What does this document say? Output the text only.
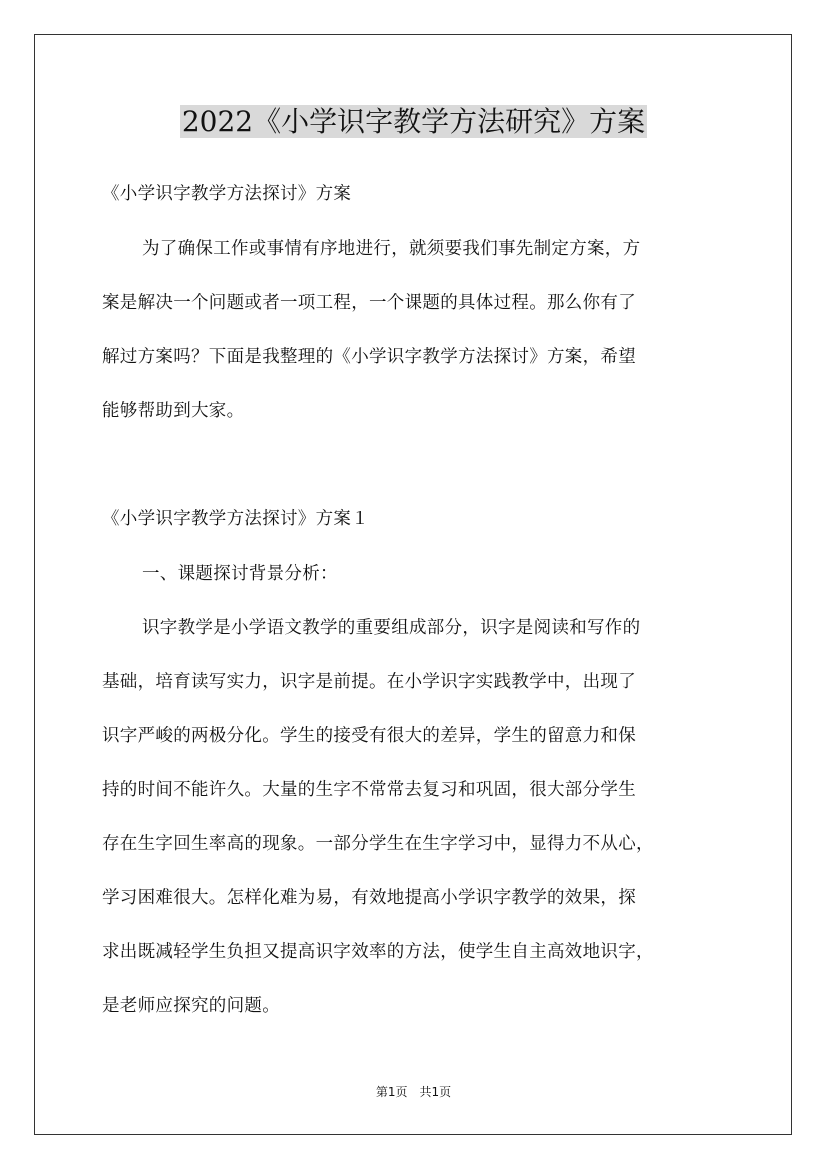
2022《小学识字教学方法研究》方案
《小学识字教学方法探讨》方案
为了确保工作或事情有序地进行，就须要我们事先制定方案，方
案是解决一个问题或者一项工程，一个课题的具体过程。那么你有了
解过方案吗？下面是我整理的《小学识字教学方法探讨》方案，希望
能够帮助到大家。
《小学识字教学方法探讨》方案１
一、课题探讨背景分析：
识字教学是小学语文教学的重要组成部分，识字是阅读和写作的
基础，培育读写实力，识字是前提。在小学识字实践教学中，出现了
识字严峻的两极分化。学生的接受有很大的差异，学生的留意力和保
持的时间不能许久。大量的生字不常常去复习和巩固，很大部分学生
存在生字回生率高的现象。一部分学生在生字学习中，显得力不从心，
学习困难很大。怎样化难为易，有效地提高小学识字教学的效果，探
求出既减轻学生负担又提高识字效率的方法，使学生自主高效地识字，
是老师应探究的问题。
第1页　共1页
